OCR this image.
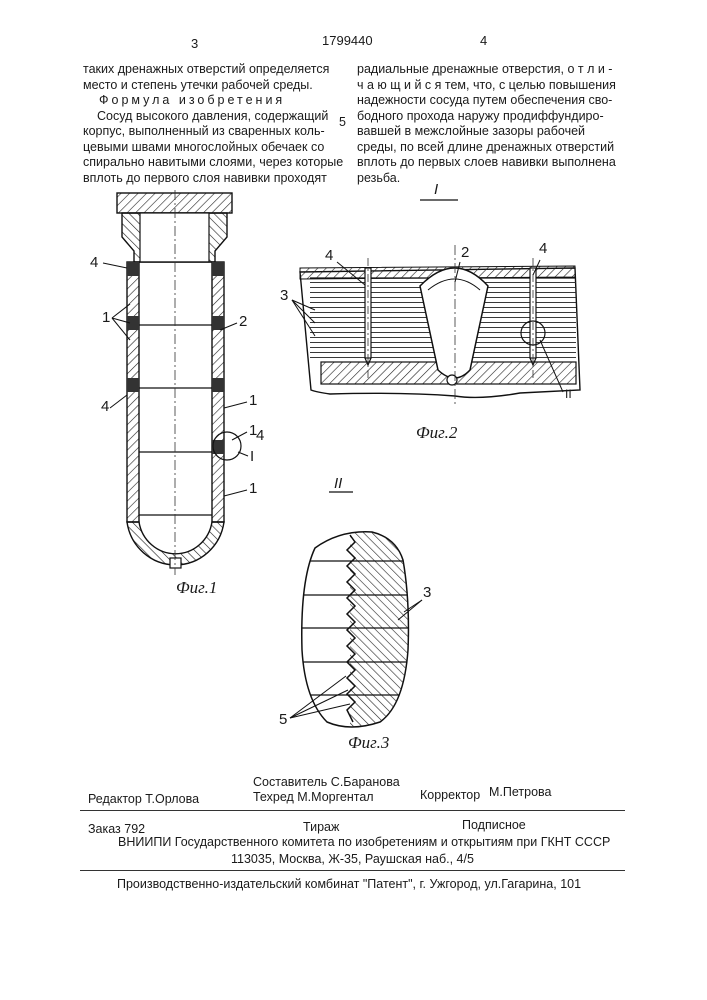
3	1799440	4
таких дренажных отверстий определяется
место и степень утечки рабочей среды.
Формула изобретения
Сосуд высокого давления, содержащий
корпус, выполненный из сваренных коль-
цевыми швами многослойных обечаек со
спирально навитыми слоями, через которые
вплоть до первого слоя навивки проходят
5
радиальные дренажные отверстия, о т л и -
ч а ю щ и й с я тем, что, с целью повышения
надежности сосуда путем обеспечения сво-
бодного прохода наружу продиффундиро-
вавшей в межслойные зазоры рабочей
среды, по всей длине дренажных отверстий
вплоть до первых слоев навивки выполнена
резьба.
4
1	2
1
4
1
4
I
1
Фиг.1
I
4	2	4
3
II
Фиг.2
II
3
5
Фиг.3
Составитель С.Баранова
Редактор Т.Орлова	Техред М.Моргентал	Корректор М.Петрова
Заказ 792	Тираж	Подписное
ВНИИПИ Государственного комитета по изобретениям и открытиям при ГКНТ СССР
113035, Москва, Ж-35, Раушская наб., 4/5
Производственно-издательский комбинат "Патент", г. Ужгород, ул.Гагарина, 101
